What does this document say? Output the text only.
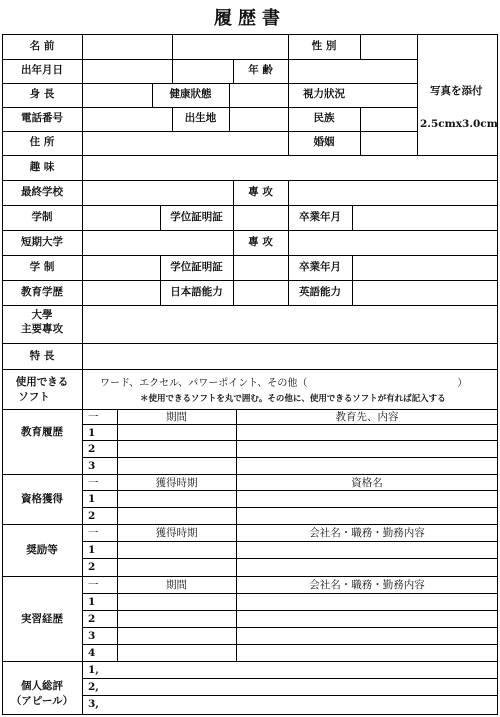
履歴書
写真を添付
2.5cmx3.0cm
名 前	性 別
出年月日	年 齢
身 長	健康狀態	視力狀況
電話番号	出生地	民族
住 所	婚姻
趣 味
最終学校	專 攻
学制	学位証明証	卒業年月
短期大学	專 攻
学 制	学位証明証	卒業年月
教育学歴	日本語能力	英語能力
大學
主要專攻
特 長
使用できる
ソフト
ワード、エクセル、パワーポイント、その他（　　　　　　　　　　　　　　　）
＊使用できるソフトを丸で囲む。その他に、使用できるソフトが有れば記入する
教育履歴
一	期間	教育先、内容
1
2
3
資格獲得
一	獲得時期	資格名
1
2
奨励等
一	獲得時期	会社名・職務・勤務内容
1
2
実習経歴
一	期間	会社名・職務・勤務内容
1
2
3
4
個人総評
（アピール）
1,
2,
3,
